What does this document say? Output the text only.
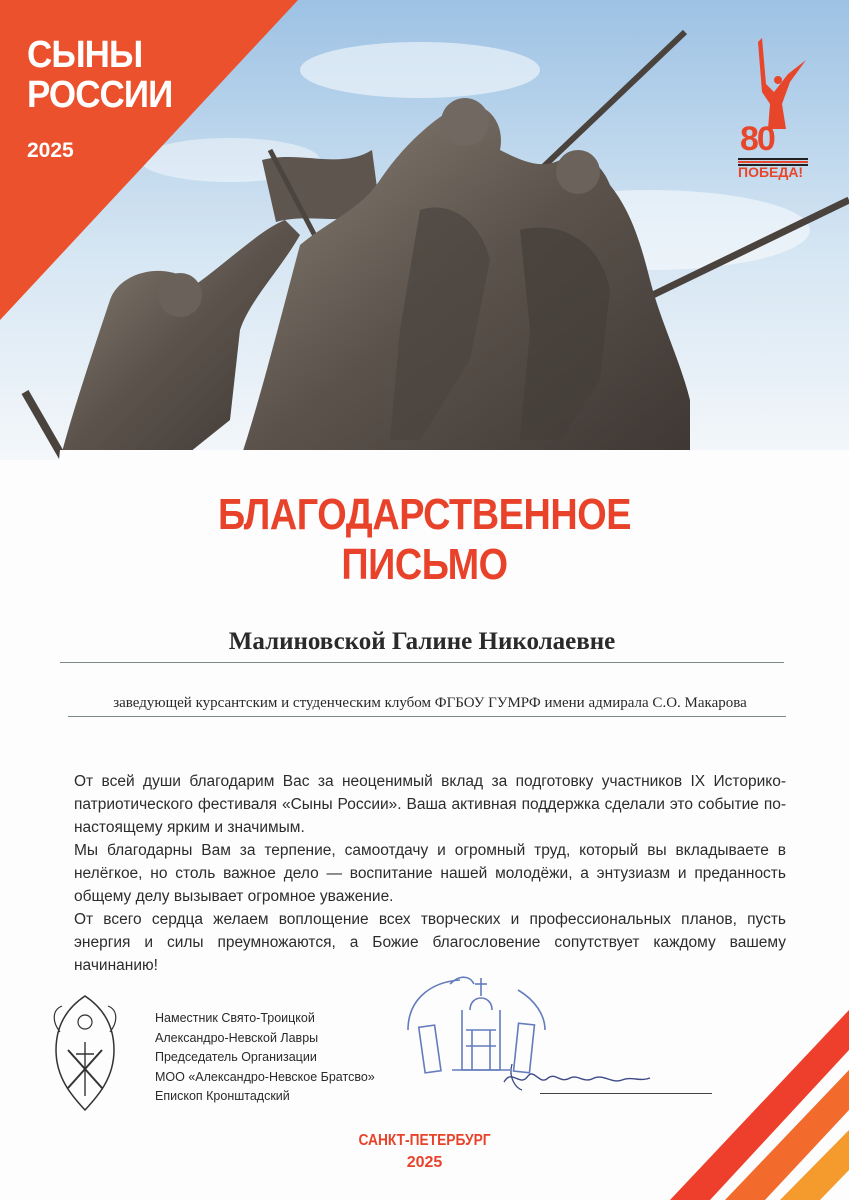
СЫНЫ
РОССИИ
2025	80
ПОБЕДА!
БЛАГОДАРСТВЕННОЕ
ПИСЬМО
Малиновской Галине Николаевне
заведующей курсантским и студенческим клубом ФГБОУ ГУМРФ имени адмирала С.О. Макарова

От всей души благодарим Вас за неоценимый вклад за подготовку участников IX Историко-патриотического фестиваля «Сыны России». Ваша активная поддержка сделали это событие по-настоящему ярким и значимым.

Мы благодарны Вам за терпение, самоотдачу и огромный труд, который вы вкладываете в нелёгкое, но столь важное дело — воспитание нашей молодёжи, а энтузиазм и преданность общему делу вызывает огромное уважение.

От всего сердца желаем воплощение всех творческих и профессиональных планов, пусть энергия и силы преумножаются, а Божие благословение сопутствует каждому вашему начинанию!

Наместник Свято-Троицкой
Александро-Невской Лавры
Председатель Организации
МОО «Александро-Невское Братсво»
Епископ Кронштадский
САНКТ-ПЕТЕРБУРГ
2025
